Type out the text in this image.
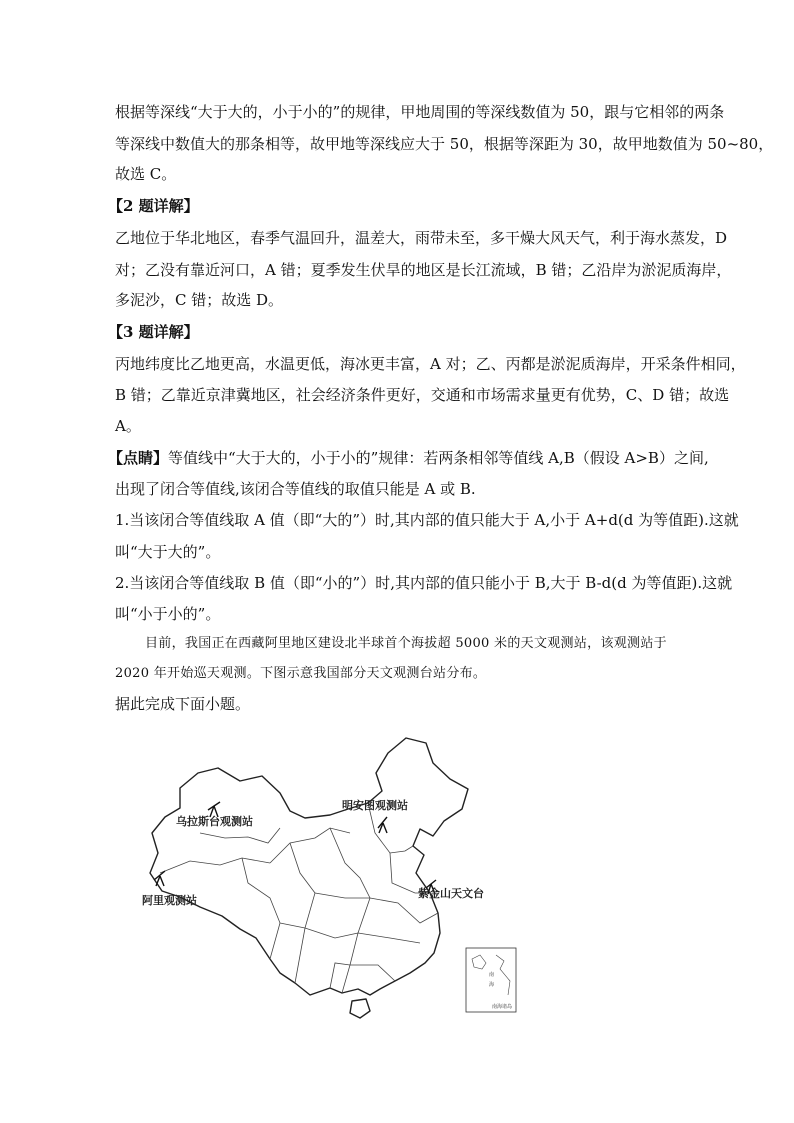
根据等深线“大于大的，小于小的”的规律，甲地周围的等深线数值为 50，跟与它相邻的两条
等深线中数值大的那条相等，故甲地等深线应大于 50，根据等深距为 30，故甲地数值为 50~80，
故选 C。
【2 题详解】
乙地位于华北地区，春季气温回升，温差大，雨带未至，多干燥大风天气，利于海水蒸发，D
对；乙没有靠近河口，A 错；夏季发生伏旱的地区是长江流域，B 错；乙沿岸为淤泥质海岸，
多泥沙，C 错；故选 D。
【3 题详解】
丙地纬度比乙地更高，水温更低，海冰更丰富，A 对；乙、丙都是淤泥质海岸，开采条件相同，
B 错；乙靠近京津冀地区，社会经济条件更好，交通和市场需求量更有优势，C、D 错；故选
A。
【点睛】等值线中“大于大的，小于小的”规律：若两条相邻等值线 A,B（假设 A>B）之间,
出现了闭合等值线,该闭合等值线的取值只能是 A 或 B.
1.当该闭合等值线取 A 值（即“大的”）时,其内部的值只能大于 A,小于 A+d(d 为等值距).这就
叫“大于大的”。
2.当该闭合等值线取 B 值（即“小的”）时,其内部的值只能小于 B,大于 B-d(d 为等值距).这就
叫“小于小的”。
目前，我国正在西藏阿里地区建设北半球首个海拔超 5000 米的天文观测站，该观测站于
2020 年开始巡天观测。下图示意我国部分天文观测台站分布。
据此完成下面小题。
明安图观测站
乌拉斯台观测站
阿里观测站
紫金山天文台
南
海
南海诸岛
